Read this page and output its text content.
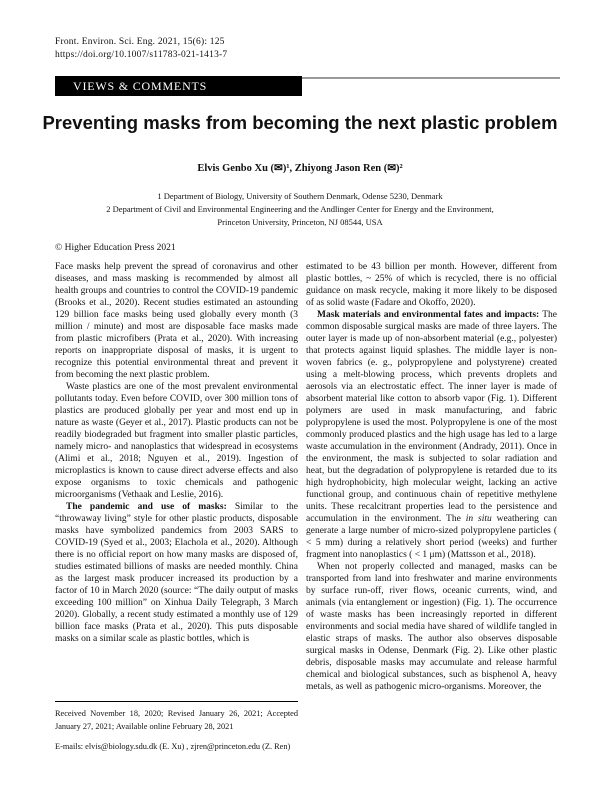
Front. Environ. Sci. Eng. 2021, 15(6): 125
https://doi.org/10.1007/s11783-021-1413-7
VIEWS & COMMENTS
Preventing masks from becoming the next plastic problem
Elvis Genbo Xu (✉)¹, Zhiyong Jason Ren (✉)²
1 Department of Biology, University of Southern Denmark, Odense 5230, Denmark
2 Department of Civil and Environmental Engineering and the Andlinger Center for Energy and the Environment,
Princeton University, Princeton, NJ 08544, USA
© Higher Education Press 2021
Face masks help prevent the spread of coronavirus and other diseases, and mass masking is recommended by almost all health groups and countries to control the COVID-19 pandemic (Brooks et al., 2020). Recent studies estimated an astounding 129 billion face masks being used globally every month (3 million / minute) and most are disposable face masks made from plastic microfibers (Prata et al., 2020). With increasing reports on inappropriate disposal of masks, it is urgent to recognize this potential environmental threat and prevent it from becoming the next plastic problem.
Waste plastics are one of the most prevalent environmental pollutants today. Even before COVID, over 300 million tons of plastics are produced globally per year and most end up in nature as waste (Geyer et al., 2017). Plastic products can not be readily biodegraded but fragment into smaller plastic particles, namely micro- and nanoplastics that widespread in ecosystems (Alimi et al., 2018; Nguyen et al., 2019). Ingestion of microplastics is known to cause direct adverse effects and also expose organisms to toxic chemicals and pathogenic microorganisms (Vethaak and Leslie, 2016).
The pandemic and use of masks: Similar to the “throwaway living” style for other plastic products, disposable masks have symbolized pandemics from 2003 SARS to COVID-19 (Syed et al., 2003; Elachola et al., 2020). Although there is no official report on how many masks are disposed of, studies estimated billions of masks are needed monthly. China as the largest mask producer increased its production by a factor of 10 in March 2020 (source: “The daily output of masks exceeding 100 million” on Xinhua Daily Telegraph, 3 March 2020). Globally, a recent study estimated a monthly use of 129 billion face masks (Prata et al., 2020). This puts disposable masks on a similar scale as plastic bottles, which is
estimated to be 43 billion per month. However, different from plastic bottles, ~ 25% of which is recycled, there is no official guidance on mask recycle, making it more likely to be disposed of as solid waste (Fadare and Okoffo, 2020).
Mask materials and environmental fates and impacts: The common disposable surgical masks are made of three layers. The outer layer is made up of non-absorbent material (e.g., polyester) that protects against liquid splashes. The middle layer is non-woven fabrics (e. g., polypropylene and polystyrene) created using a melt-blowing process, which prevents droplets and aerosols via an electrostatic effect. The inner layer is made of absorbent material like cotton to absorb vapor (Fig. 1). Different polymers are used in mask manufacturing, and fabric polypropylene is used the most. Polypropylene is one of the most commonly produced plastics and the high usage has led to a large waste accumulation in the environment (Andrady, 2011). Once in the environment, the mask is subjected to solar radiation and heat, but the degradation of polypropylene is retarded due to its high hydrophobicity, high molecular weight, lacking an active functional group, and continuous chain of repetitive methylene units. These recalcitrant properties lead to the persistence and accumulation in the environment. The in situ weathering can generate a large number of micro-sized polypropylene particles ( < 5 mm) during a relatively short period (weeks) and further fragment into nanoplastics ( < 1 μm) (Mattsson et al., 2018).
When not properly collected and managed, masks can be transported from land into freshwater and marine environments by surface run-off, river flows, oceanic currents, wind, and animals (via entanglement or ingestion) (Fig. 1). The occurrence of waste masks has been increasingly reported in different environments and social media have shared of wildlife tangled in elastic straps of masks. The author also observes disposable surgical masks in Odense, Denmark (Fig. 2). Like other plastic debris, disposable masks may accumulate and release harmful chemical and biological substances, such as bisphenol A, heavy metals, as well as pathogenic micro-organisms. Moreover, the
Received November 18, 2020; Revised January 26, 2021; Accepted January 27, 2021; Available online February 28, 2021
E-mails: elvis@biology.sdu.dk (E. Xu) , zjren@princeton.edu (Z. Ren)
